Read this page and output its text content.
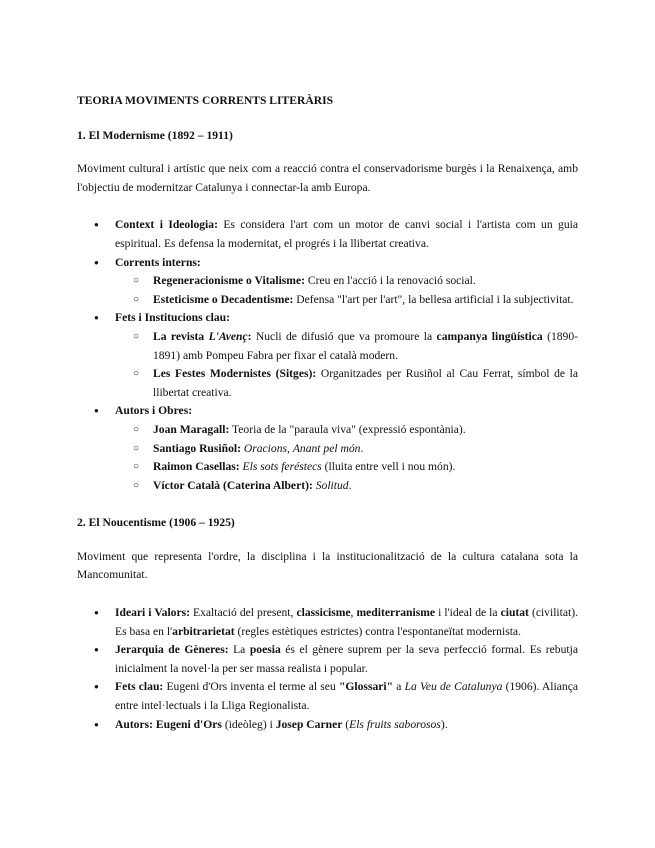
TEORIA MOVIMENTS CORRENTS LITERÀRIS
1. El Modernisme (1892 – 1911)

Moviment cultural i artístic que neix com a reacció contra el conservadorisme burgès i la Renaixença, amb l'objectiu de modernitzar Catalunya i connectar-la amb Europa.

● Context i Ideologia: Es considera l'art com un motor de canvi social i l'artista com un guia espiritual. Es defensa la modernitat, el progrés i la llibertat creativa.
● Corrents interns:
○ Regeneracionisme o Vitalisme: Creu en l'acció i la renovació social.
○ Esteticisme o Decadentisme: Defensa "l'art per l'art", la bellesa artificial i la subjectivitat.
● Fets i Institucions clau:
○ La revista L'Avenç: Nucli de difusió que va promoure la campanya lingüística (1890-1891) amb Pompeu Fabra per fixar el català modern.
○ Les Festes Modernistes (Sitges): Organitzades per Rusiñol al Cau Ferrat, símbol de la llibertat creativa.
● Autors i Obres:
○ Joan Maragall: Teoria de la "paraula viva" (expressió espontània).
○ Santiago Rusiñol: Oracions, Anant pel món.
○ Raimon Casellas: Els sots feréstecs (lluita entre vell i nou món).
○ Víctor Català (Caterina Albert): Solitud.
2. El Noucentisme (1906 – 1925)

Moviment que representa l'ordre, la disciplina i la institucionalització de la cultura catalana sota la Mancomunitat.

● Ideari i Valors: Exaltació del present, classicisme, mediterranisme i l'ideal de la ciutat (civilitat). Es basa en l'arbitrarietat (regles estètiques estrictes) contra l'espontaneïtat modernista.
● Jerarquia de Gèneres: La poesia és el gènere suprem per la seva perfecció formal. Es rebutja inicialment la novel·la per ser massa realista i popular.
● Fets clau: Eugeni d'Ors inventa el terme al seu "Glossari" a La Veu de Catalunya (1906). Aliança entre intel·lectuals i la Lliga Regionalista.
● Autors: Eugeni d'Ors (ideòleg) i Josep Carner (Els fruits saborosos).
